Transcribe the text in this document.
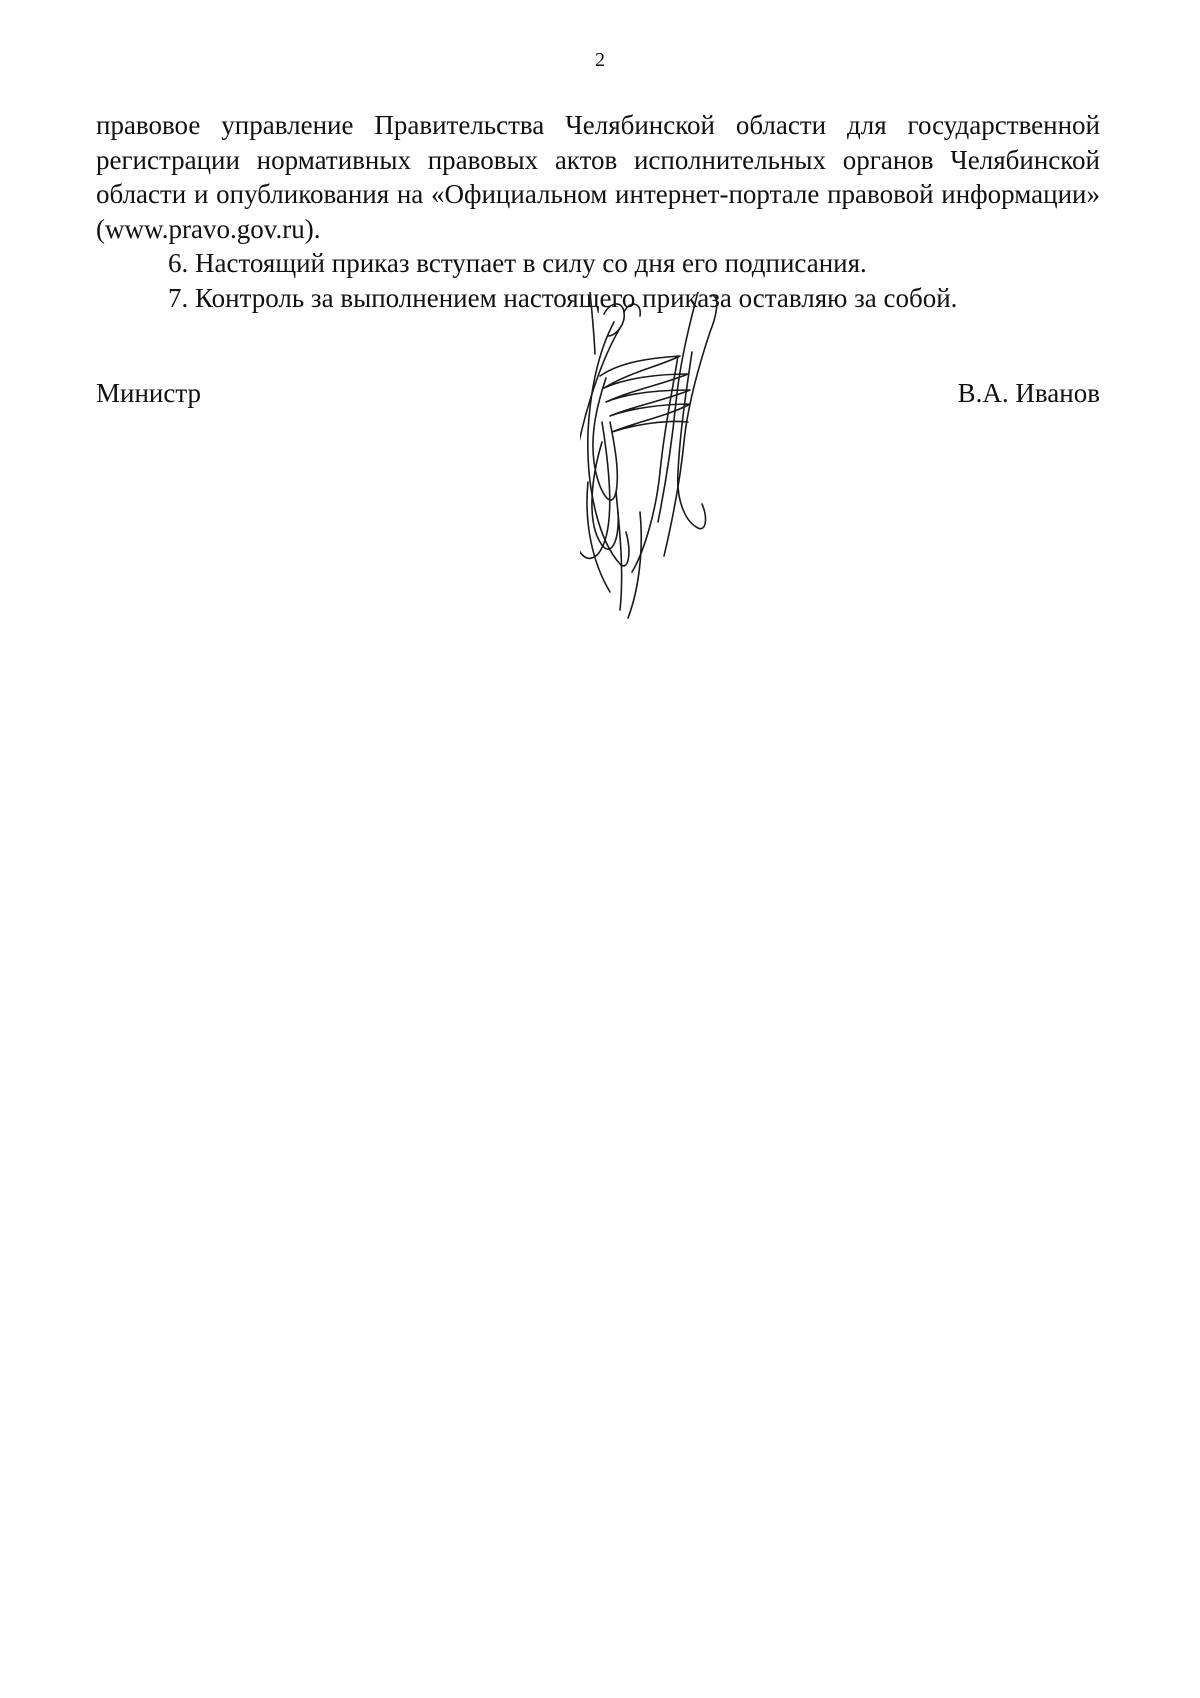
2

правовое управление Правительства Челябинской области для государственной регистрации нормативных правовых актов исполнительных органов Челябинской области и опубликования на «Официальном интернет-портале правовой информации» (www.pravo.gov.ru).

6. Настоящий приказ вступает в силу со дня его подписания.

7. Контроль за выполнением настоящего приказа оставляю за собой.

Министр	В.А. Иванов
